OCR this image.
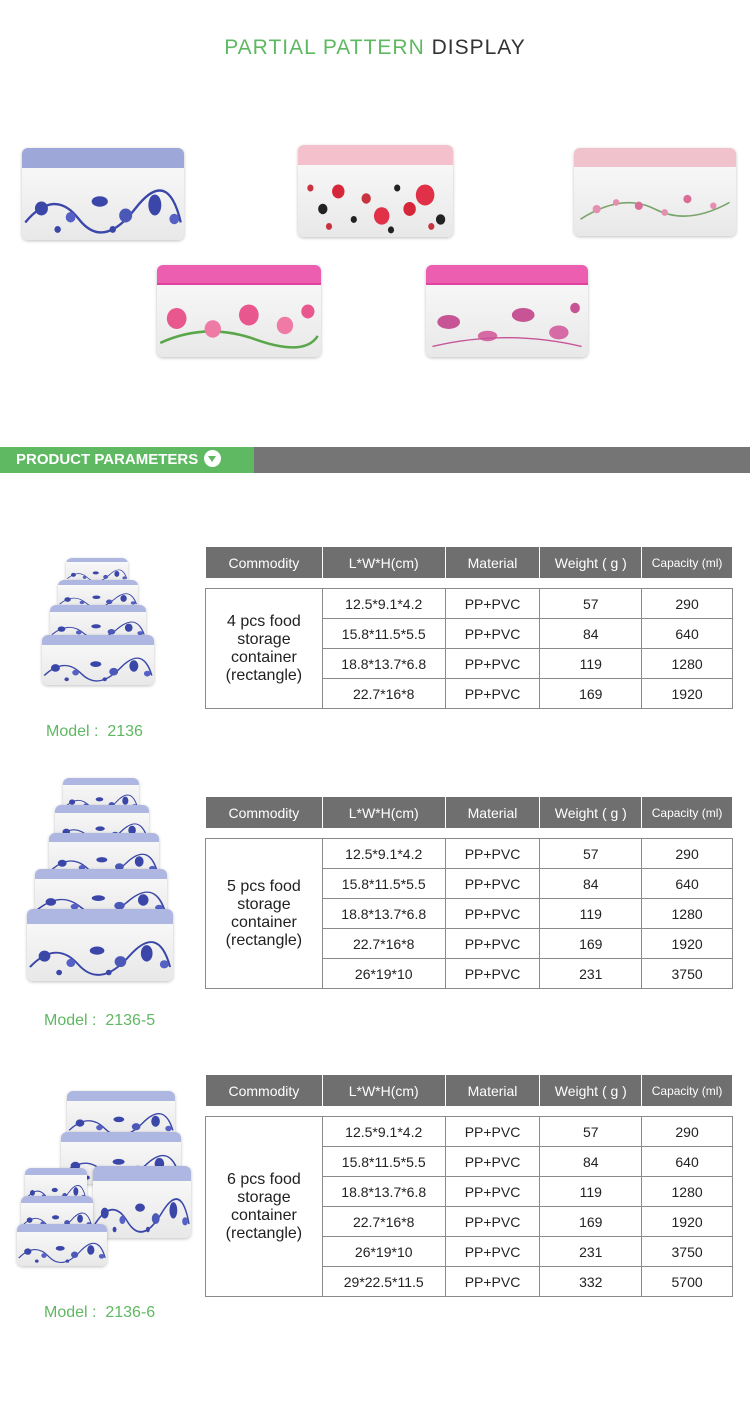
PARTIAL PATTERN DISPLAY
PRODUCT PARAMETERS
Model : 2136
Commodity	L*W*H(cm)	Material	Weight ( g )	Capacity (ml)

4 pcs food storage container (rectangle)	12.5*9.1*4.2	PP+PVC	57	290
	15.8*11.5*5.5	PP+PVC	84	640
	18.8*13.7*6.8	PP+PVC	119	1280
	22.7*16*8	PP+PVC	169	1920
Model : 2136-5
Commodity	L*W*H(cm)	Material	Weight ( g )	Capacity (ml)

5 pcs food storage container (rectangle)	12.5*9.1*4.2	PP+PVC	57	290
	15.8*11.5*5.5	PP+PVC	84	640
	18.8*13.7*6.8	PP+PVC	119	1280
	22.7*16*8	PP+PVC	169	1920
	26*19*10	PP+PVC	231	3750
Model : 2136-6
Commodity	L*W*H(cm)	Material	Weight ( g )	Capacity (ml)

6 pcs food storage container (rectangle)	12.5*9.1*4.2	PP+PVC	57	290
	15.8*11.5*5.5	PP+PVC	84	640
	18.8*13.7*6.8	PP+PVC	119	1280
	22.7*16*8	PP+PVC	169	1920
	26*19*10	PP+PVC	231	3750
	29*22.5*11.5	PP+PVC	332	5700
